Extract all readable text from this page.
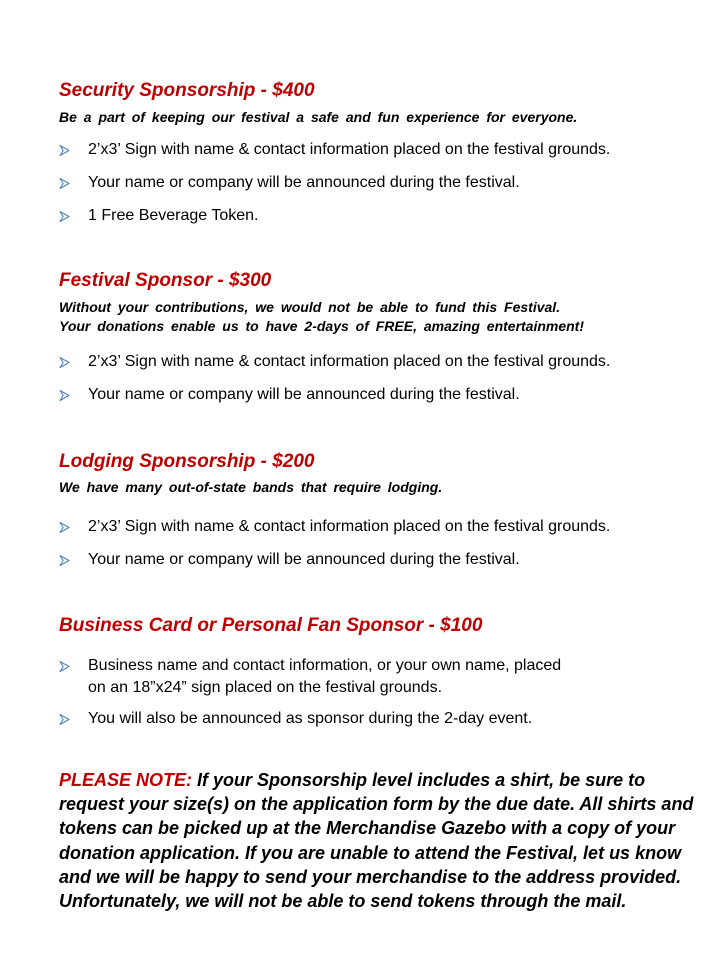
Security Sponsorship - $400
Be a part of keeping our festival a safe and fun experience for everyone.
2’x3’ Sign with name & contact information placed on the festival grounds.
Your name or company will be announced during the festival.
1 Free Beverage Token.
Festival Sponsor - $300
Without your contributions, we would not be able to fund this Festival.
Your donations enable us to have 2-days of FREE, amazing entertainment!
2’x3’ Sign with name & contact information placed on the festival grounds.
Your name or company will be announced during the festival.
Lodging Sponsorship - $200
We have many out-of-state bands that require lodging.
2’x3’ Sign with name & contact information placed on the festival grounds.
Your name or company will be announced during the festival.
Business Card or Personal Fan Sponsor - $100
Business name and contact information, or your own name, placed
on an 18”x24” sign placed on the festival grounds.
You will also be announced as sponsor during the 2-day event.

PLEASE NOTE: If your Sponsorship level includes a shirt, be sure to request your size(s) on the application form by the due date. All shirts and tokens can be picked up at the Merchandise Gazebo with a copy of your donation application. If you are unable to attend the Festival, let us know and we will be happy to send your merchandise to the address provided. Unfortunately, we will not be able to send tokens through the mail.
